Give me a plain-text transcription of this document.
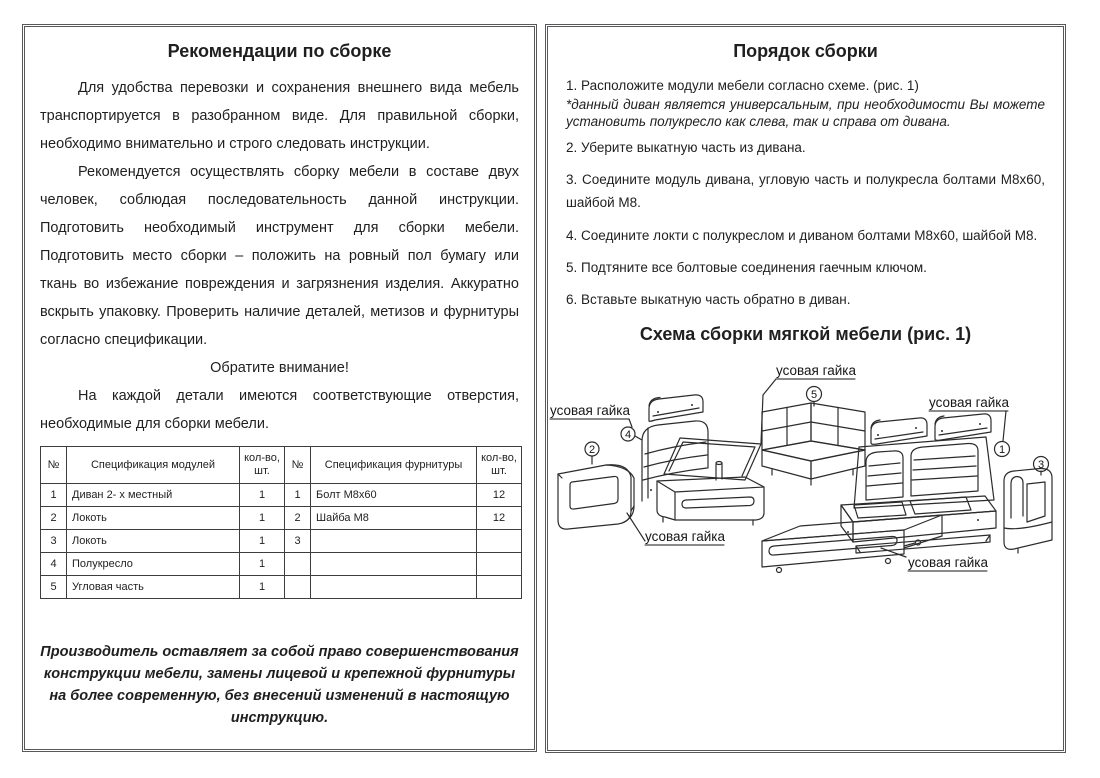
Рекомендации по сборке

Для удобства перевозки и сохранения внешнего вида мебель транспортируется в разобранном виде. Для правильной сборки, необходимо внимательно и строго следовать инструкции.

Рекомендуется осуществлять сборку мебели в составе двух человек, соблюдая последовательность данной инструкции. Подготовить необходимый инструмент для сборки мебели. Подготовить место сборки – положить на ровный пол бумагу или ткань во избежание повреждения и загрязнения изделия. Аккуратно вскрыть упаковку. Проверить наличие деталей, метизов и фурнитуры согласно спецификации.

Обратите внимание!

На каждой детали имеются соответствующие отверстия, необходимые для сборки мебели.

№	Спецификация модулей	кол-во, шт.	№	Спецификация фурнитуры	кол-во, шт.
1	Диван 2- х местный	1	1	Болт М8х60	12
2	Локоть	1	2	Шайба М8	12
3	Локоть	1	3		
4	Полукресло	1			
5	Угловая часть	1			

Производитель оставляет за собой право совершенствования конструкции мебели, замены лицевой и крепежной фурнитуры на более современную, без внесений изменений в настоящую инструкцию.

Порядок сборки

1. Расположите модули мебели согласно схеме. (рис. 1)

*данный диван является универсальным, при необходимости Вы можете установить полукресло как слева, так и справа от дивана.

2. Уберите выкатную часть из дивана.

3. Соедините модуль дивана, угловую часть и полукресла болтами М8х60, шайбой М8.

4. Соедините локти с полукреслом и диваном болтами М8х60, шайбой М8.

5. Подтяните все болтовые соединения гаечным ключом.

6. Вставьте выкатную часть обратно в диван.

Схема сборки мягкой мебели (рис. 1)
усовая гайка
усовая гайка
усовая гайка
усовая гайка
усовая гайка
1
2
3
4
5
